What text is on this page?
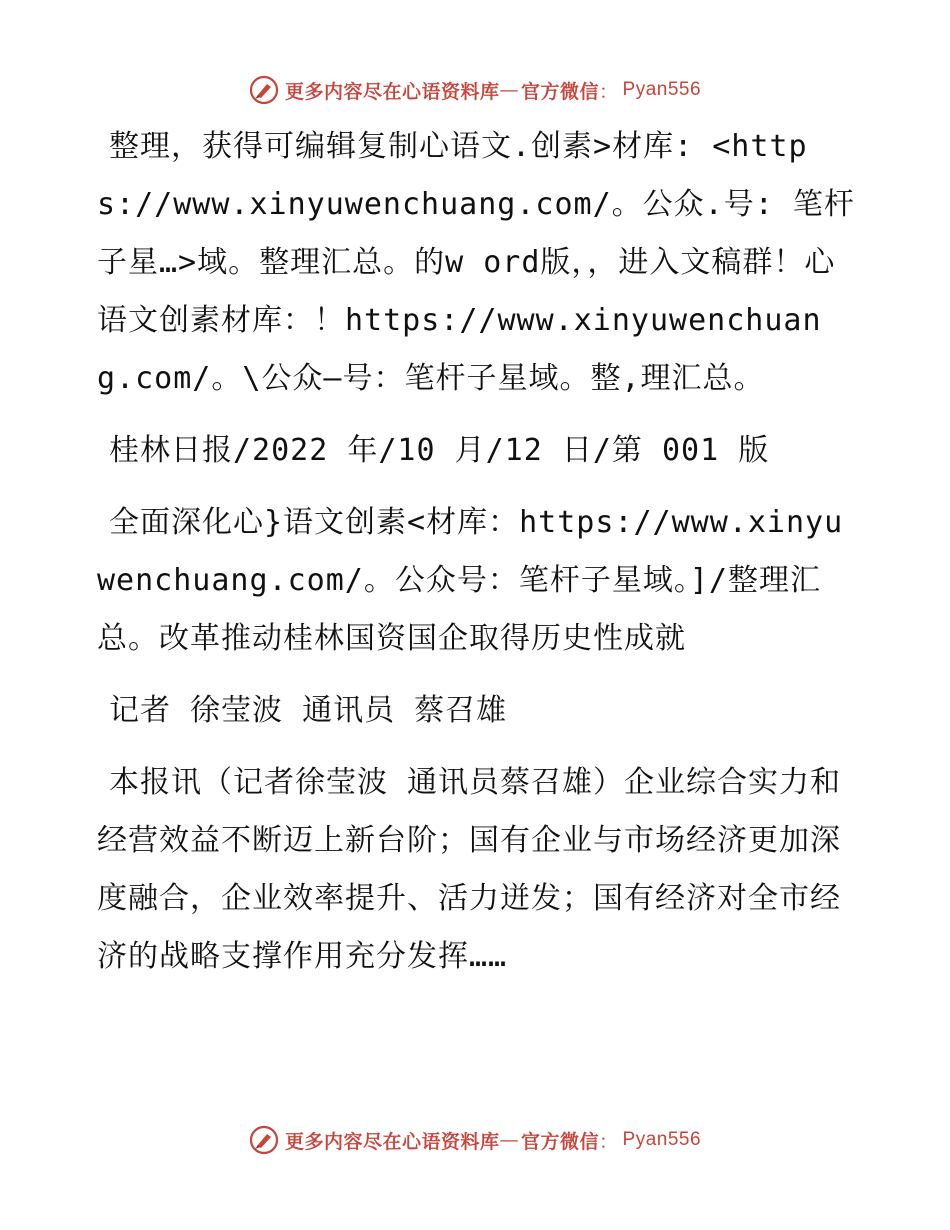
更多内容尽在心语资料库 — 官方微信 ： Pyan556

整理，获得可编辑复制心语文.创素>材库: <https://www.xinyuwenchuang.com/。公众.号: 笔杆子星…>域。整理汇总。的w ord版，，进入文稿群！心语文创素材库：！https://www.xinyuwenchuang.com/。\公众—号：笔杆子星域。整,理汇总。

桂林日报/2022 年/10 月/12 日/第 001 版

全面深化心}语文创素<材库：https://www.xinyuwenchuang.com/。公众号：笔杆子星域。]/整理汇总。改革推动桂林国资国企取得历史性成就

记者 徐莹波 通讯员 蔡召雄

本报讯（记者徐莹波 通讯员蔡召雄）企业综合实力和经营效益不断迈上新台阶；国有企业与市场经济更加深度融合，企业效率提升、活力迸发；国有经济对全市经济的战略支撑作用充分发挥……

更多内容尽在心语资料库 — 官方微信 ： Pyan556
